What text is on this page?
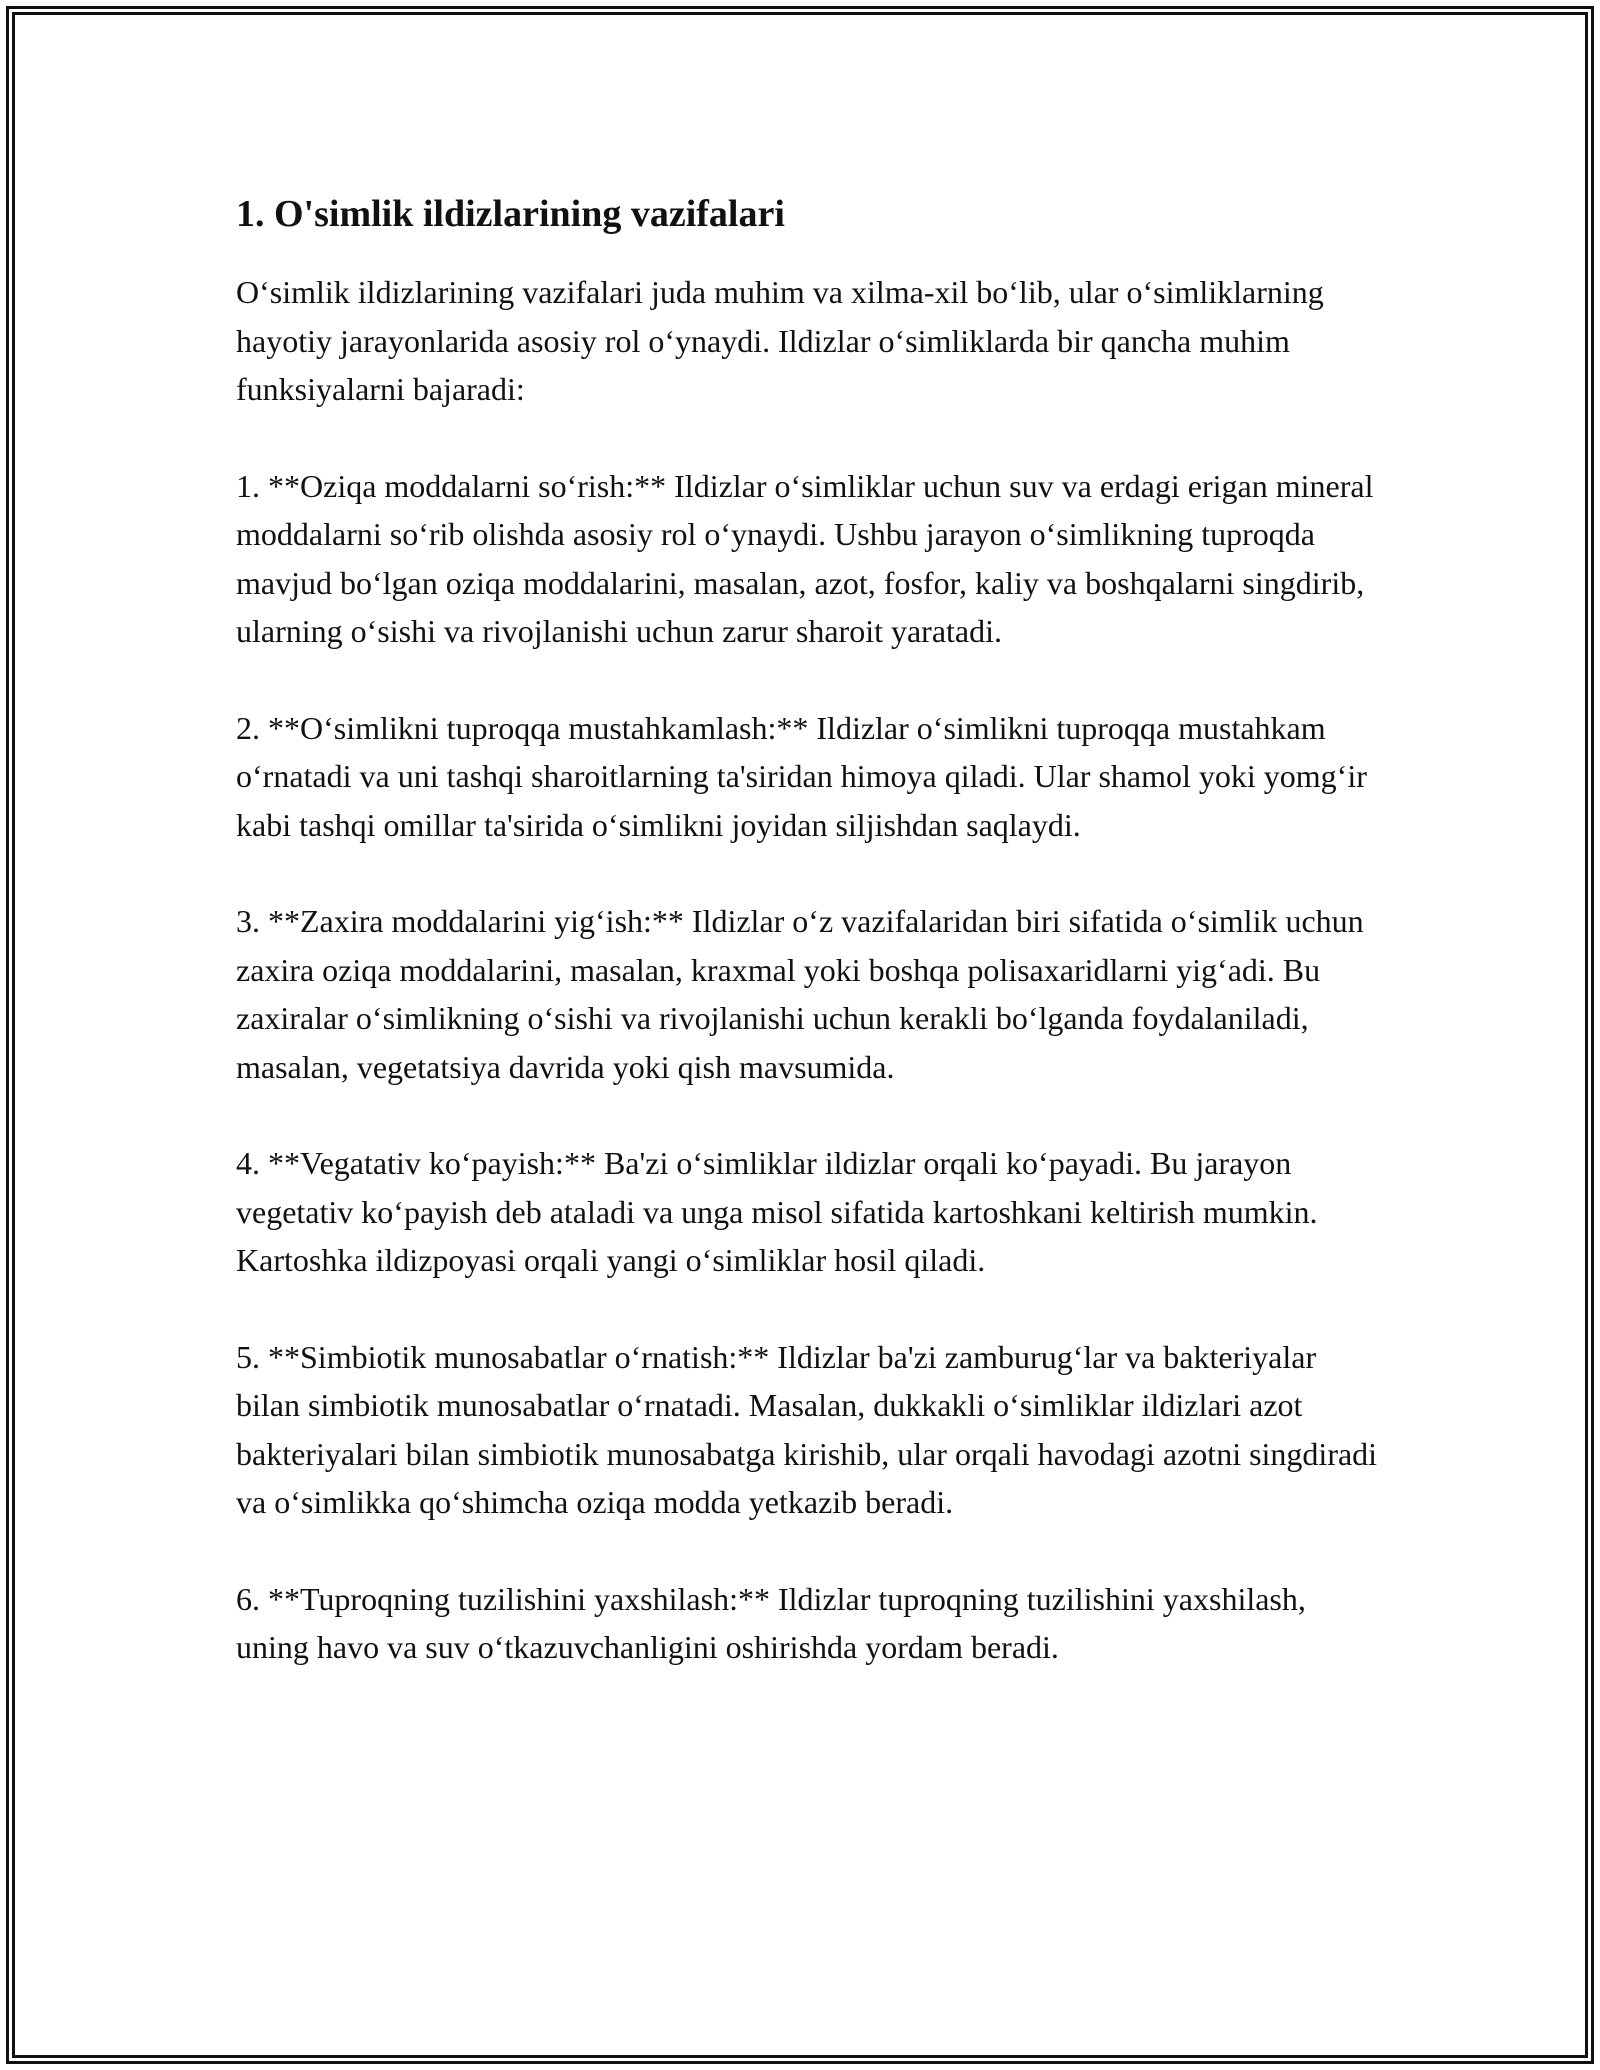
1. O'simlik ildizlarining vazifalari

O‘simlik ildizlarining vazifalari juda muhim va xilma-xil bo‘lib, ular o‘simliklarning hayotiy jarayonlarida asosiy rol o‘ynaydi. Ildizlar o‘simliklarda bir qancha muhim funksiyalarni bajaradi:

1. **Oziqa moddalarni so‘rish:** Ildizlar o‘simliklar uchun suv va erdagi erigan mineral moddalarni so‘rib olishda asosiy rol o‘ynaydi. Ushbu jarayon o‘simlikning tuproqda mavjud bo‘lgan oziqa moddalarini, masalan, azot, fosfor, kaliy va boshqalarni singdirib, ularning o‘sishi va rivojlanishi uchun zarur sharoit yaratadi.

2. **O‘simlikni tuproqqa mustahkamlash:** Ildizlar o‘simlikni tuproqqa mustahkam o‘rnatadi va uni tashqi sharoitlarning ta'siridan himoya qiladi. Ular shamol yoki yomg‘ir kabi tashqi omillar ta'sirida o‘simlikni joyidan siljishdan saqlaydi.

3. **Zaxira moddalarini yig‘ish:** Ildizlar o‘z vazifalaridan biri sifatida o‘simlik uchun zaxira oziqa moddalarini, masalan, kraxmal yoki boshqa polisaxaridlarni yig‘adi. Bu zaxiralar o‘simlikning o‘sishi va rivojlanishi uchun kerakli bo‘lganda foydalaniladi, masalan, vegetatsiya davrida yoki qish mavsumida.

4. **Vegatativ ko‘payish:** Ba'zi o‘simliklar ildizlar orqali ko‘payadi. Bu jarayon vegetativ ko‘payish deb ataladi va unga misol sifatida kartoshkani keltirish mumkin. Kartoshka ildizpoyasi orqali yangi o‘simliklar hosil qiladi.

5. **Simbiotik munosabatlar o‘rnatish:** Ildizlar ba'zi zamburug‘lar va bakteriyalar bilan simbiotik munosabatlar o‘rnatadi. Masalan, dukkakli o‘simliklar ildizlari azot bakteriyalari bilan simbiotik munosabatga kirishib, ular orqali havodagi azotni singdiradi va o‘simlikka qo‘shimcha oziqa modda yetkazib beradi.

6. **Tuproqning tuzilishini yaxshilash:** Ildizlar tuproqning tuzilishini yaxshilash, uning havo va suv o‘tkazuvchanligini oshirishda yordam beradi.
